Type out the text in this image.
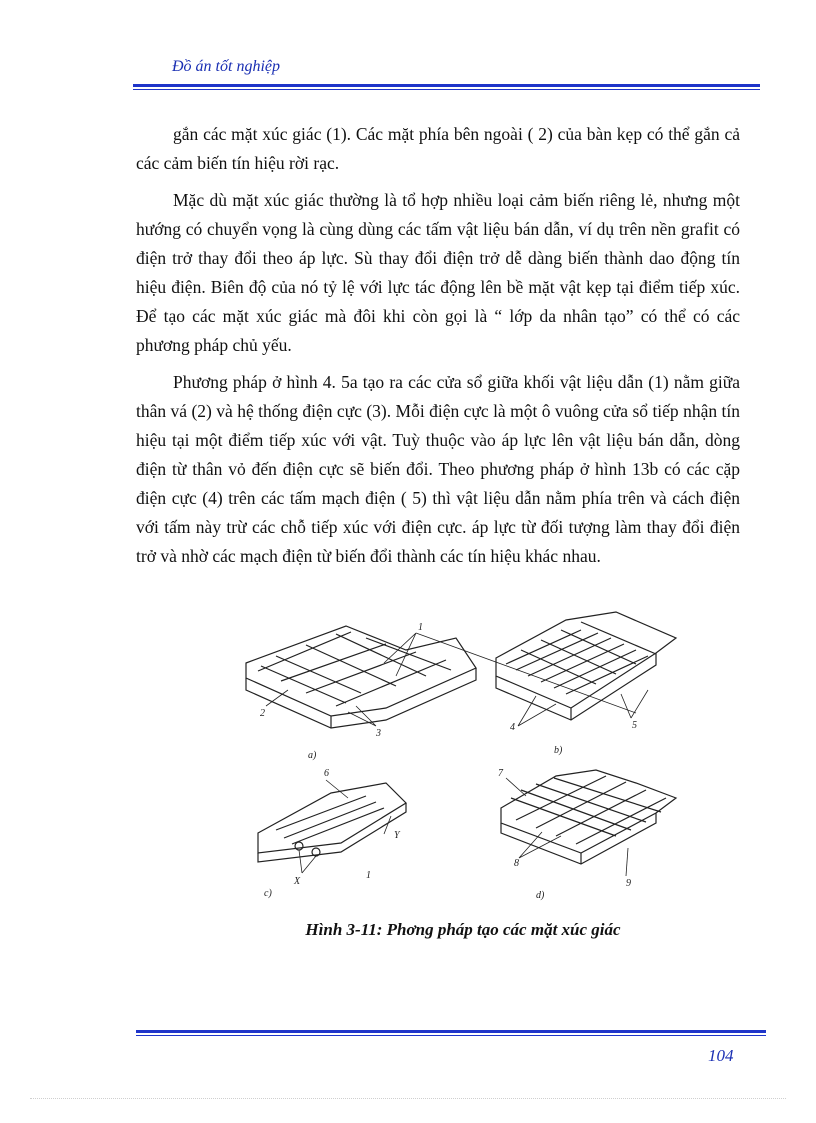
Đồ án tốt nghiệp

gắn các mặt xúc giác (1). Các mặt phía bên ngoài ( 2) của bàn kẹp có thể gắn cả các cảm biến tín hiệu rời rạc.

Mặc dù mặt xúc giác thường là tổ hợp nhiều loại cảm biến riêng lẻ, nhưng một hướng có chuyển vọng là cùng dùng các tấm vật liệu bán dẫn, ví dụ trên nền grafit có điện trở thay đổi theo áp lực. Sù thay đổi điện trở dễ dàng biến thành dao động tín hiệu điện. Biên độ của nó tỷ lệ với lực tác động lên bề mặt vật kẹp tại điểm tiếp xúc. Để tạo các mặt xúc giác mà đôi khi còn gọi là “ lớp da nhân tạo” có thể có các phương pháp chủ yếu.

Phương pháp ở hình 4. 5a tạo ra các cửa sổ giữa khối vật liệu dẫn (1) nằm giữa thân vá (2) và hệ thống điện cực (3). Mỗi điện cực là một ô vuông cửa sổ tiếp nhận tín hiệu tại một điểm tiếp xúc với vật. Tuỳ thuộc vào áp lực lên vật liệu bán dẫn, dòng điện từ thân vỏ đến điện cực sẽ biến đổi. Theo phương pháp ở hình 13b có các cặp điện cực (4) trên các tấm mạch điện ( 5) thì vật liệu dẫn nằm phía trên và cách điện với tấm này trừ các chỗ tiếp xúc với điện cực. áp lực từ đối tượng làm thay đổi điện trở và nhờ các mạch điện từ biến đổi thành các tín hiệu khác nhau.

a)	b)
c)	d)
1
2
3
4	5
6	7
8
9
1
X
Y
Hình 3-11: Phơng pháp tạo các mặt xúc giác
104
